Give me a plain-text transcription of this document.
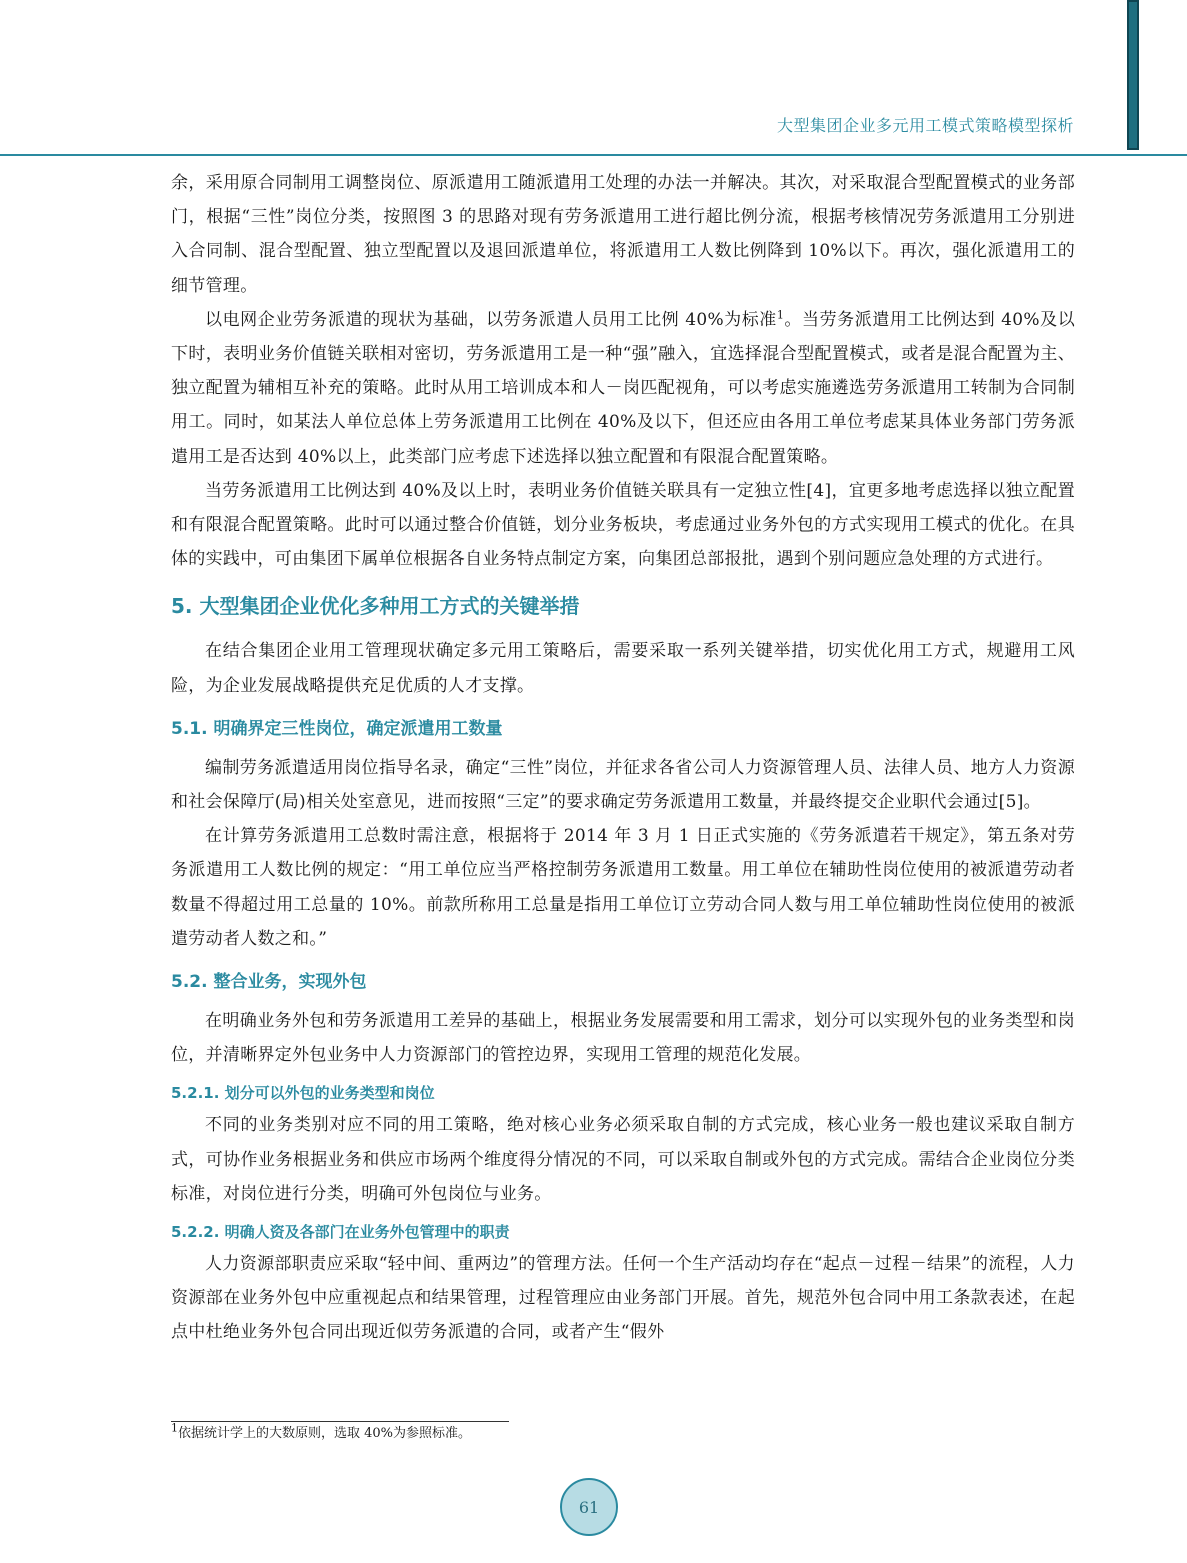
大型集团企业多元用工模式策略模型探析

余，采用原合同制用工调整岗位、原派遣用工随派遣用工处理的办法一并解决。其次，对采取混合型配置模式的业务部门，根据“三性”岗位分类，按照图 3 的思路对现有劳务派遣用工进行超比例分流，根据考核情况劳务派遣用工分别进入合同制、混合型配置、独立型配置以及退回派遣单位，将派遣用工人数比例降到 10%以下。再次，强化派遣用工的细节管理。

以电网企业劳务派遣的现状为基础，以劳务派遣人员用工比例 40%为标准$^1$。当劳务派遣用工比例达到 40%及以下时，表明业务价值链关联相对密切，劳务派遣用工是一种“强”融入，宜选择混合型配置模式，或者是混合配置为主、独立配置为辅相互补充的策略。此时从用工培训成本和人－岗匹配视角，可以考虑实施遴选劳务派遣用工转制为合同制用工。同时，如某法人单位总体上劳务派遣用工比例在 40%及以下，但还应由各用工单位考虑某具体业务部门劳务派遣用工是否达到 40%以上，此类部门应考虑下述选择以独立配置和有限混合配置策略。

当劳务派遣用工比例达到 40%及以上时，表明业务价值链关联具有一定独立性[4]，宜更多地考虑选择以独立配置和有限混合配置策略。此时可以通过整合价值链，划分业务板块，考虑通过业务外包的方式实现用工模式的优化。在具体的实践中，可由集团下属单位根据各自业务特点制定方案，向集团总部报批，遇到个别问题应急处理的方式进行。

5. 大型集团企业优化多种用工方式的关键举措

在结合集团企业用工管理现状确定多元用工策略后，需要采取一系列关键举措，切实优化用工方式，规避用工风险，为企业发展战略提供充足优质的人才支撑。

5.1. 明确界定三性岗位，确定派遣用工数量

编制劳务派遣适用岗位指导名录，确定“三性”岗位，并征求各省公司人力资源管理人员、法律人员、地方人力资源和社会保障厅(局)相关处室意见，进而按照“三定”的要求确定劳务派遣用工数量，并最终提交企业职代会通过[5]。

在计算劳务派遣用工总数时需注意，根据将于 2014 年 3 月 1 日正式实施的《劳务派遣若干规定》，第五条对劳务派遣用工人数比例的规定：“用工单位应当严格控制劳务派遣用工数量。用工单位在辅助性岗位使用的被派遣劳动者数量不得超过用工总量的 10%。前款所称用工总量是指用工单位订立劳动合同人数与用工单位辅助性岗位使用的被派遣劳动者人数之和。”

5.2. 整合业务，实现外包

在明确业务外包和劳务派遣用工差异的基础上，根据业务发展需要和用工需求，划分可以实现外包的业务类型和岗位，并清晰界定外包业务中人力资源部门的管控边界，实现用工管理的规范化发展。

5.2.1. 划分可以外包的业务类型和岗位

不同的业务类别对应不同的用工策略，绝对核心业务必须采取自制的方式完成，核心业务一般也建议采取自制方式，可协作业务根据业务和供应市场两个维度得分情况的不同，可以采取自制或外包的方式完成。需结合企业岗位分类标准，对岗位进行分类，明确可外包岗位与业务。

5.2.2. 明确人资及各部门在业务外包管理中的职责

人力资源部职责应采取“轻中间、重两边”的管理方法。任何一个生产活动均存在“起点－过程－结果”的流程，人力资源部在业务外包中应重视起点和结果管理，过程管理应由业务部门开展。首先，规范外包合同中用工条款表述，在起点中杜绝业务外包合同出现近似劳务派遣的合同，或者产生“假外

$^1$依据统计学上的大数原则，选取 40%为参照标准。
61
